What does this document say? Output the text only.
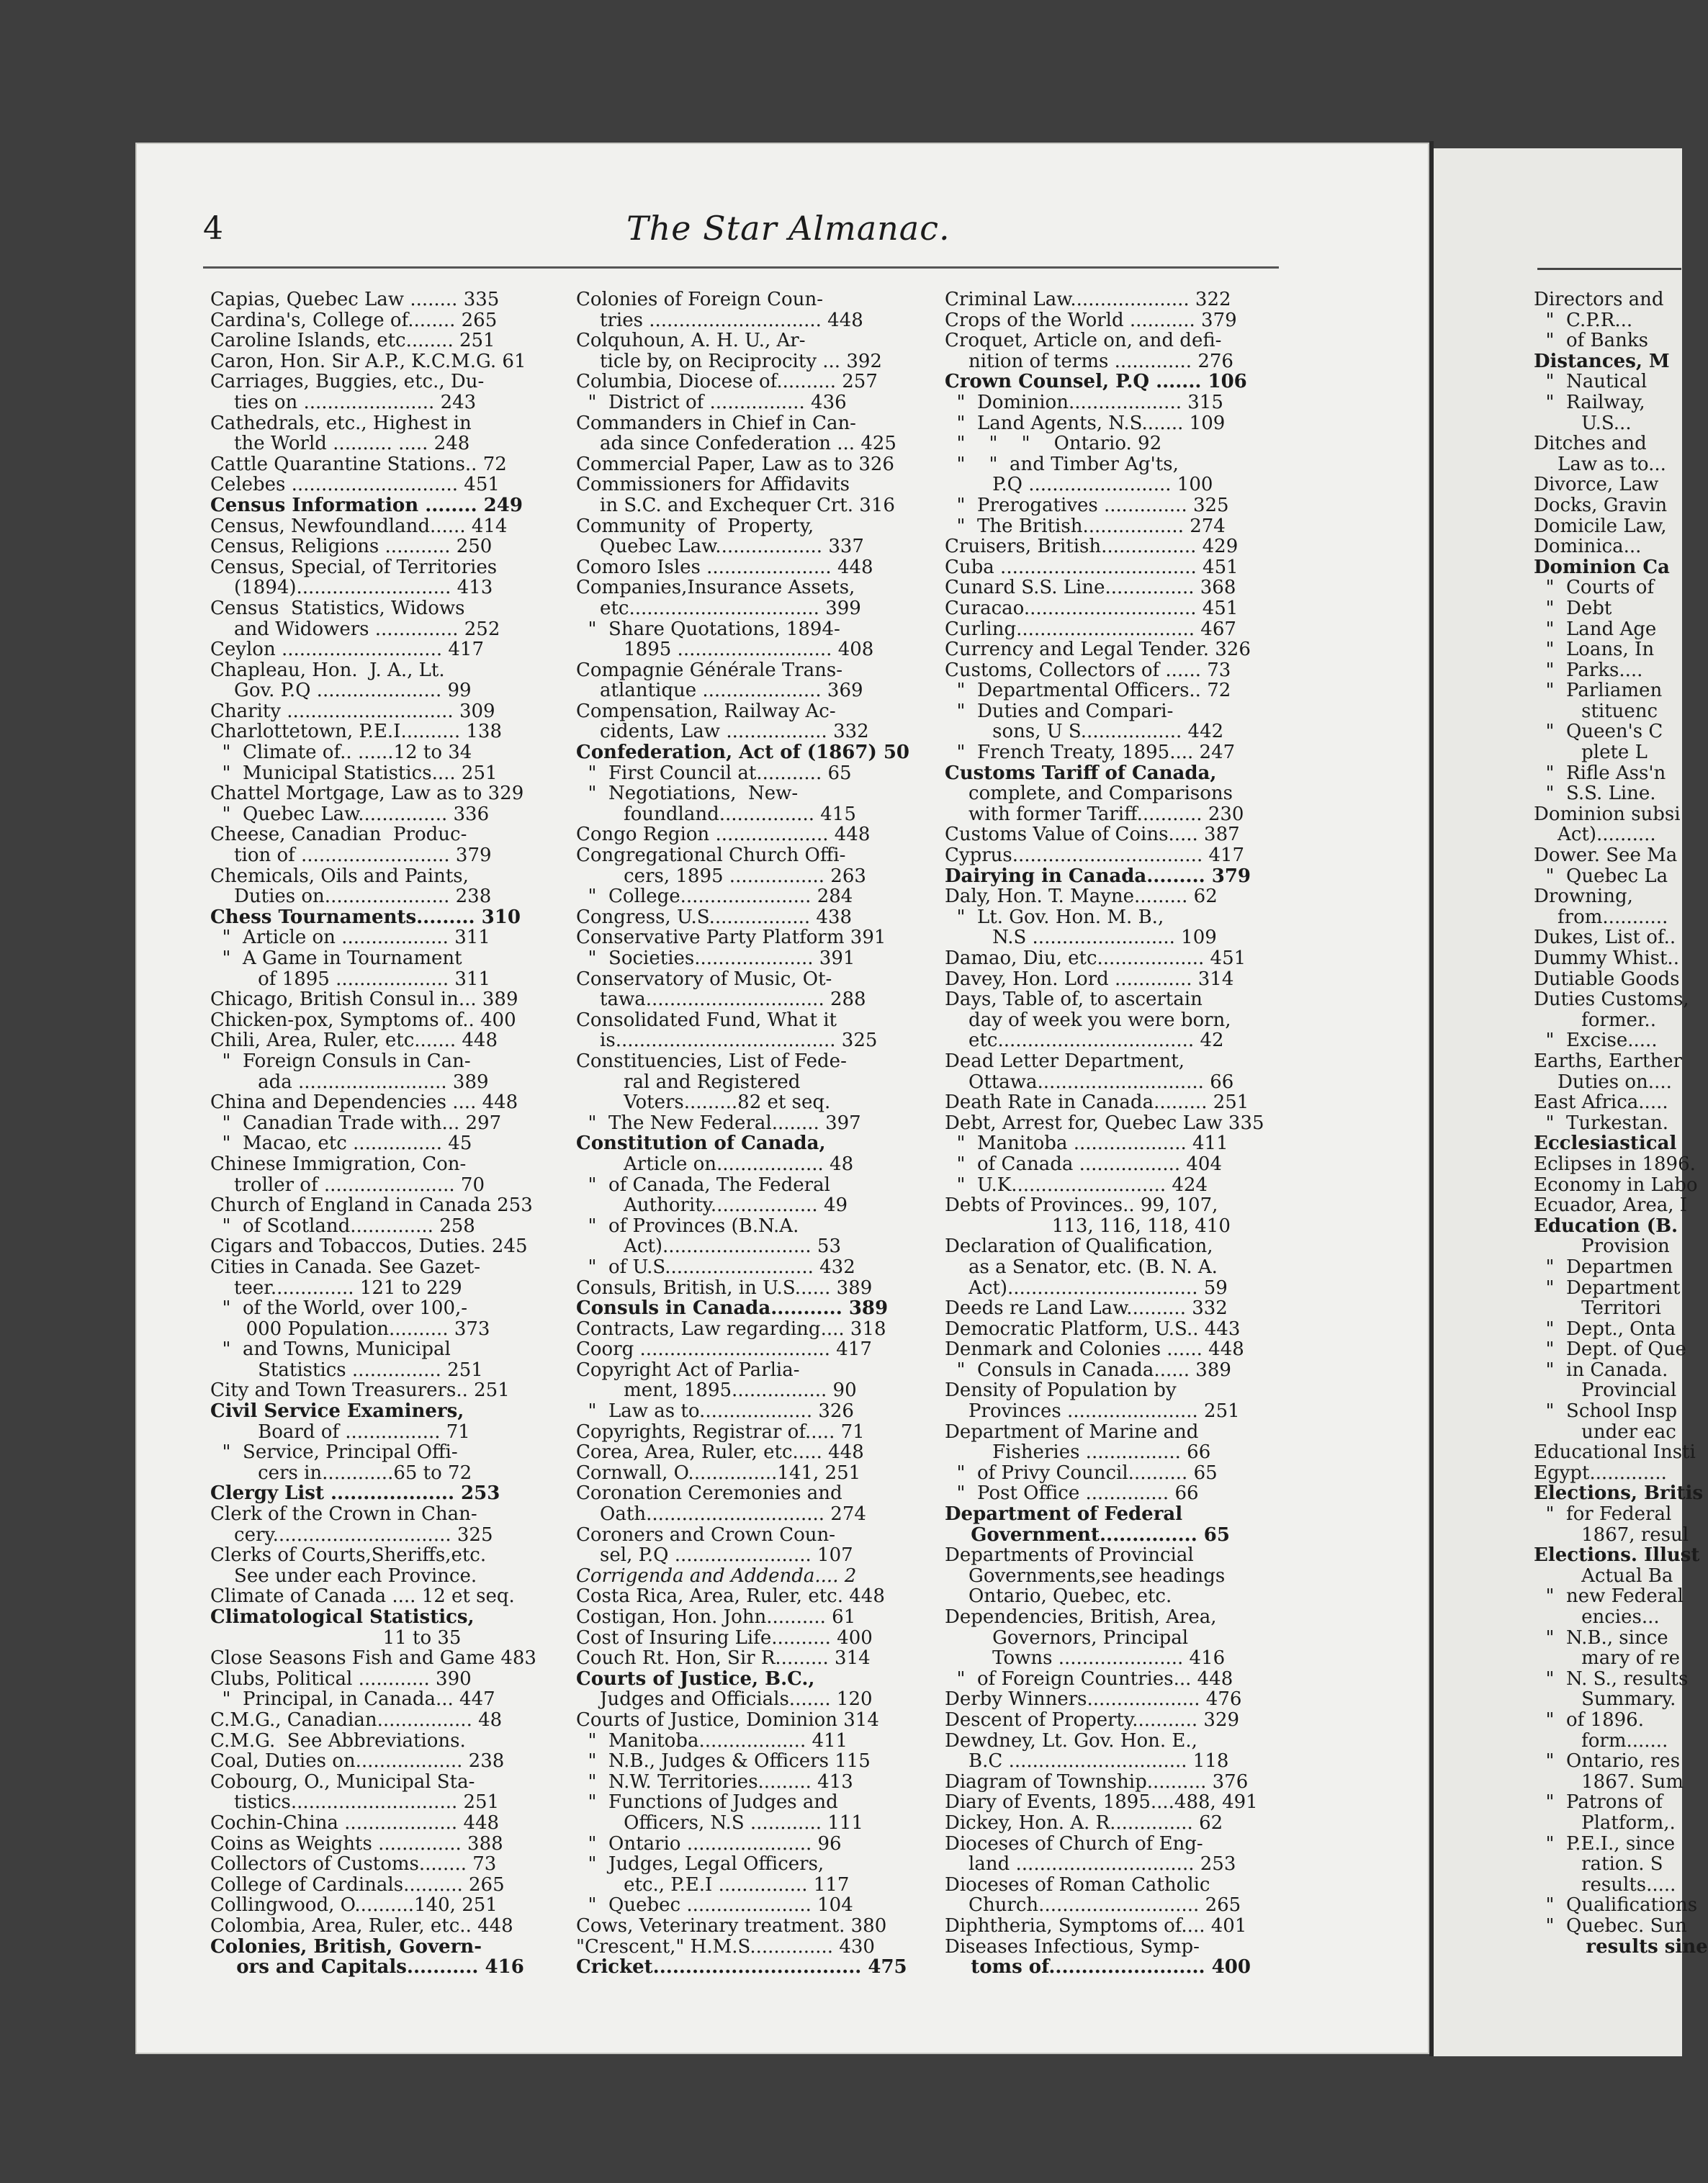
4	The Star Almanac.
Capias, Quebec Law ........ 335
Cardina's, College of........ 265
Caroline Islands, etc........ 251
Caron, Hon. Sir A.P., K.C.M.G. 61
Carriages, Buggies, etc., Du-
ties on ...................... 243
Cathedrals, etc., Highest in
the World .......... ..... 248
Cattle Quarantine Stations.. 72
Celebes ............................ 451
Census Information ........ 249
Census, Newfoundland...... 414
Census, Religions ........... 250
Census, Special, of Territories
(1894).......................... 413
Census  Statistics, Widows
and Widowers .............. 252
Ceylon ........................... 417
Chapleau, Hon.  J. A., Lt.
Gov. P.Q ..................... 99
Charity ............................ 309
Charlottetown, P.E.I.......... 138
"  Climate of.. ......12 to 34
"  Municipal Statistics.... 251
Chattel Mortgage, Law as to 329
"  Quebec Law............... 336
Cheese, Canadian  Produc-
tion of ......................... 379
Chemicals, Oils and Paints,
Duties on..................... 238
Chess Tournaments......... 310
"  Article on .................. 311
"  A Game in Tournament
of 1895 ................... 311
Chicago, British Consul in... 389
Chicken-pox, Symptoms of.. 400
Chili, Area, Ruler, etc....... 448
"  Foreign Consuls in Can-
ada ......................... 389
China and Dependencies .... 448
"  Canadian Trade with... 297
"  Macao, etc ............... 45
Chinese Immigration, Con-
troller of ...................... 70
Church of England in Canada 253
"  of Scotland.............. 258
Cigars and Tobaccos, Duties. 245
Cities in Canada. See Gazet-
teer.............. 121 to 229
"  of the World, over 100,-
000 Population.......... 373
"  and Towns, Municipal
Statistics ............... 251
City and Town Treasurers.. 251
Civil Service Examiners,
Board of ................ 71
"  Service, Principal Offi-
cers in............65 to 72
Clergy List ................... 253
Clerk of the Crown in Chan-
cery.............................. 325
Clerks of Courts,Sheriffs,etc.
See under each Province.
Climate of Canada .... 12 et seq.
Climatological Statistics,
11 to 35
Close Seasons Fish and Game 483
Clubs, Political ............ 390
"  Principal, in Canada... 447
C.M.G., Canadian................ 48
C.M.G.  See Abbreviations.
Coal, Duties on.................. 238
Cobourg, O., Municipal Sta-
tistics............................ 251
Cochin-China ................... 448
Coins as Weights .............. 388
Collectors of Customs........ 73
College of Cardinals.......... 265
Collingwood, O..........140, 251
Colombia, Area, Ruler, etc.. 448
Colonies, British, Govern-
ors and Capitals........... 416
Colonies of Foreign Coun-
tries ............................. 448
Colquhoun, A. H. U., Ar-
ticle by, on Reciprocity ... 392
Columbia, Diocese of.......... 257
"  District of ................ 436
Commanders in Chief in Can-
ada since Confederation ... 425
Commercial Paper, Law as to 326
Commissioners for Affidavits
in S.C. and Exchequer Crt. 316
Community  of  Property,
Quebec Law.................. 337
Comoro Isles ..................... 448
Companies,Insurance Assets,
etc................................ 399
"  Share Quotations, 1894-
1895 .......................... 408
Compagnie Générale Trans-
atlantique .................... 369
Compensation, Railway Ac-
cidents, Law ................. 332
Confederation, Act of (1867) 50
"  First Council at........... 65
"  Negotiations,  New-
foundland................ 415
Congo Region ................... 448
Congregational Church Offi-
cers, 1895 ................ 263
"  College...................... 284
Congress, U.S................. 438
Conservative Party Platform 391
"  Societies.................... 391
Conservatory of Music, Ot-
tawa.............................. 288
Consolidated Fund, What it
is..................................... 325
Constituencies, List of Fede-
ral and Registered
Voters.........82 et seq.
"  The New Federal........ 397
Constitution of Canada,
Article on.................. 48
"  of Canada, The Federal
Authority.................. 49
"  of Provinces (B.N.A.
Act)......................... 53
"  of U.S......................... 432
Consuls, British, in U.S...... 389
Consuls in Canada........... 389
Contracts, Law regarding.... 318
Coorg ................................ 417
Copyright Act of Parlia-
ment, 1895................ 90
"  Law as to................... 326
Copyrights, Registrar of..... 71
Corea, Area, Ruler, etc..... 448
Cornwall, O...............141, 251
Coronation Ceremonies and
Oath.............................. 274
Coroners and Crown Coun-
sel, P.Q ....................... 107
Corrigenda and Addenda.... 2
Costa Rica, Area, Ruler, etc. 448
Costigan, Hon. John.......... 61
Cost of Insuring Life.......... 400
Couch Rt. Hon, Sir R......... 314
Courts of Justice, B.C.,
Judges and Officials....... 120
Courts of Justice, Dominion 314
"  Manitoba.................. 411
"  N.B., Judges & Officers 115
"  N.W. Territories......... 413
"  Functions of Judges and
Officers, N.S ............ 111
"  Ontario ..................... 96
"  Judges, Legal Officers,
etc., P.E.I ............... 117
"  Quebec ..................... 104
Cows, Veterinary treatment. 380
"Crescent," H.M.S.............. 430
Cricket................................ 475
Criminal Law.................... 322
Crops of the World ........... 379
Croquet, Article on, and defi-
nition of terms ............. 276
Crown Counsel, P.Q ....... 106
"  Dominion................... 315
"  Land Agents, N.S....... 109
"    "    "    Ontario. 92
"    "  and Timber Ag'ts,
P.Q ........................ 100
"  Prerogatives .............. 325
"  The British................. 274
Cruisers, British................ 429
Cuba ................................. 451
Cunard S.S. Line............... 368
Curacao............................. 451
Curling.............................. 467
Currency and Legal Tender. 326
Customs, Collectors of ...... 73
"  Departmental Officers.. 72
"  Duties and Compari-
sons, U S................. 442
"  French Treaty, 1895.... 247
Customs Tariff of Canada,
complete, and Comparisons
with former Tariff........... 230
Customs Value of Coins..... 387
Cyprus................................ 417
Dairying in Canada......... 379
Daly, Hon. T. Mayne......... 62
"  Lt. Gov. Hon. M. B.,
N.S ........................ 109
Damao, Diu, etc.................. 451
Davey, Hon. Lord ............. 314
Days, Table of, to ascertain
day of week you were born,
etc................................. 42
Dead Letter Department,
Ottawa............................ 66
Death Rate in Canada......... 251
Debt, Arrest for, Quebec Law 335
"  Manitoba ................... 411
"  of Canada ................. 404
"  U.K.......................... 424
Debts of Provinces.. 99, 107,
113, 116, 118, 410
Declaration of Qualification,
as a Senator, etc. (B. N. A.
Act)................................ 59
Deeds re Land Law.......... 332
Democratic Platform, U.S.. 443
Denmark and Colonies ...... 448
"  Consuls in Canada...... 389
Density of Population by
Provinces ...................... 251
Department of Marine and
Fisheries ................ 66
"  of Privy Council.......... 65
"  Post Office .............. 66
Department of Federal
Government............... 65
Departments of Provincial
Governments,see headings
Ontario, Quebec, etc.
Dependencies, British, Area,
Governors, Principal
Towns ..................... 416
"  of Foreign Countries... 448
Derby Winners................... 476
Descent of Property........... 329
Dewdney, Lt. Gov. Hon. E.,
B.C .............................. 118
Diagram of Township.......... 376
Diary of Events, 1895....488, 491
Dickey, Hon. A. R.............. 62
Dioceses of Church of Eng-
land .............................. 253
Dioceses of Roman Catholic
Church........................... 265
Diphtheria, Symptoms of.... 401
Diseases Infectious, Symp-
toms of........................ 400
Directors and
"  C.P.R...
"  of Banks
Distances, M
"  Nautical
"  Railway,
U.S...
Ditches and
Law as to...
Divorce, Law
Docks, Gravin
Domicile Law,
Dominica...
Dominion Ca
"  Courts of
"  Debt
"  Land Age
"  Loans, In
"  Parks....
"  Parliamen
stituenc
"  Queen's C
plete L
"  Rifle Ass'n
"  S.S. Line.
Dominion subsi
Act)..........
Dower. See Ma
"  Quebec La
Drowning,
from...........
Dukes, List of..
Dummy Whist..
Dutiable Goods
Duties Customs,
former..
"  Excise.....
Earths, Earther
Duties on....
East Africa.....
"  Turkestan.
Ecclesiastical
Eclipses in 1896.
Economy in Labo
Ecuador, Area, I
Education (B.
Provision
"  Departmen
"  Department
Territori
"  Dept., Onta
"  Dept. of Que
"  in Canada.
Provincial
"  School Insp
under eac
Educational Insti
Egypt.............
Elections, Britis
"  for Federal
1867, resul
Elections. Illust
Actual Ba
"  new Federal
encies...
"  N.B., since
mary of re
"  N. S., results
Summary.
"  of 1896.
form.......
"  Ontario, res
1867. Sum
"  Patrons of
Platform,.
"  P.E.I., since
ration. S
results.....
"  Qualifications
"  Quebec. Sun
results sine
